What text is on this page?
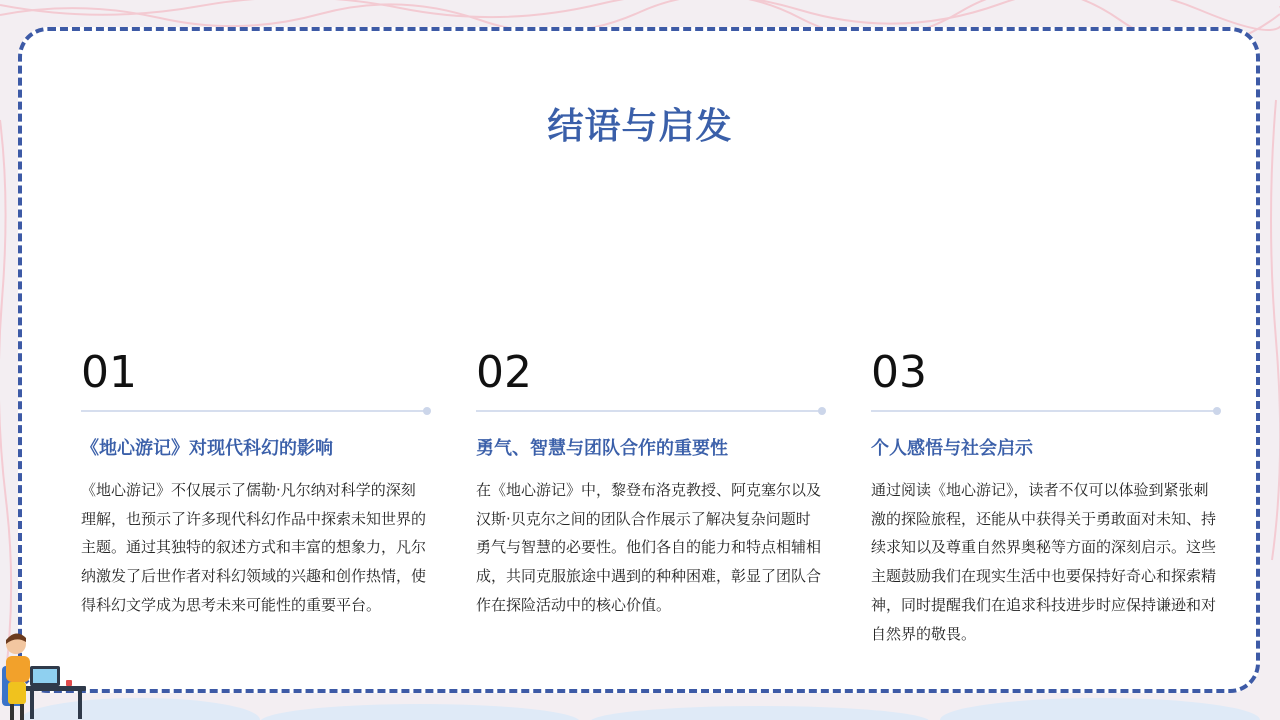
结语与启发
01
《地心游记》对现代科幻的影响
《地心游记》不仅展示了儒勒·凡尔纳对科学的深刻理解，也预示了许多现代科幻作品中探索未知世界的主题。通过其独特的叙述方式和丰富的想象力，凡尔纳激发了后世作者对科幻领域的兴趣和创作热情，使得科幻文学成为思考未来可能性的重要平台。
02
勇气、智慧与团队合作的重要性
在《地心游记》中，黎登布洛克教授、阿克塞尔以及汉斯·贝克尔之间的团队合作展示了解决复杂问题时勇气与智慧的必要性。他们各自的能力和特点相辅相成，共同克服旅途中遇到的种种困难，彰显了团队合作在探险活动中的核心价值。
03
个人感悟与社会启示
通过阅读《地心游记》，读者不仅可以体验到紧张刺激的探险旅程，还能从中获得关于勇敢面对未知、持续求知以及尊重自然界奥秘等方面的深刻启示。这些主题鼓励我们在现实生活中也要保持好奇心和探索精神，同时提醒我们在追求科技进步时应保持谦逊和对自然界的敬畏。
